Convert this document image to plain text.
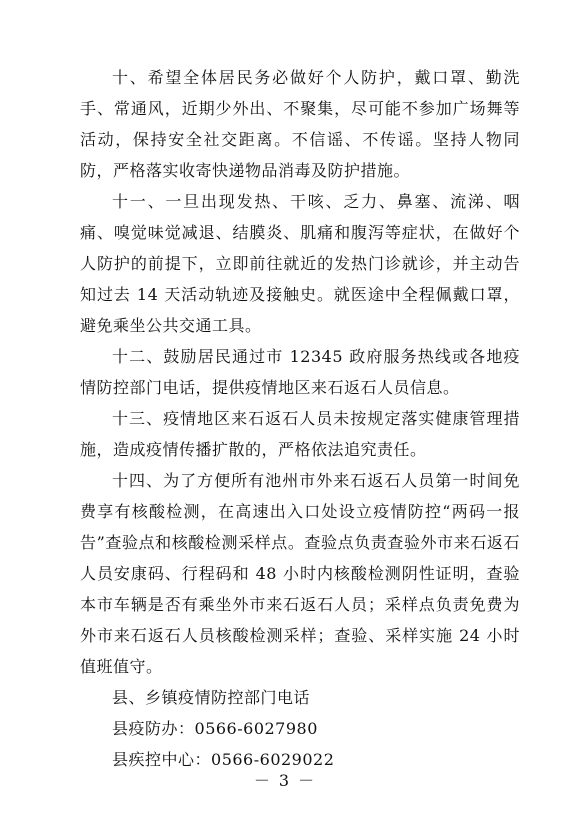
十、希望全体居民务必做好个人防护，戴口罩、勤洗手、常通风，近期少外出、不聚集，尽可能不参加广场舞等活动，保持安全社交距离。不信谣、不传谣。坚持人物同防，严格落实收寄快递物品消毒及防护措施。

十一、一旦出现发热、干咳、乏力、鼻塞、流涕、咽痛、嗅觉味觉减退、结膜炎、肌痛和腹泻等症状，在做好个人防护的前提下，立即前往就近的发热门诊就诊，并主动告知过去 14 天活动轨迹及接触史。就医途中全程佩戴口罩，避免乘坐公共交通工具。

十二、鼓励居民通过市 12345 政府服务热线或各地疫情防控部门电话，提供疫情地区来石返石人员信息。

十三、疫情地区来石返石人员未按规定落实健康管理措施，造成疫情传播扩散的，严格依法追究责任。

十四、为了方便所有池州市外来石返石人员第一时间免费享有核酸检测，在高速出入口处设立疫情防控“两码一报告”查验点和核酸检测采样点。查验点负责查验外市来石返石人员安康码、行程码和 48 小时内核酸检测阴性证明，查验本市车辆是否有乘坐外市来石返石人员；采样点负责免费为外市来石返石人员核酸检测采样；查验、采样实施 24 小时值班值守。

县、乡镇疫情防控部门电话

县疫防办：0566-6027980

县疾控中心：0566-6029022

－ 3 －
